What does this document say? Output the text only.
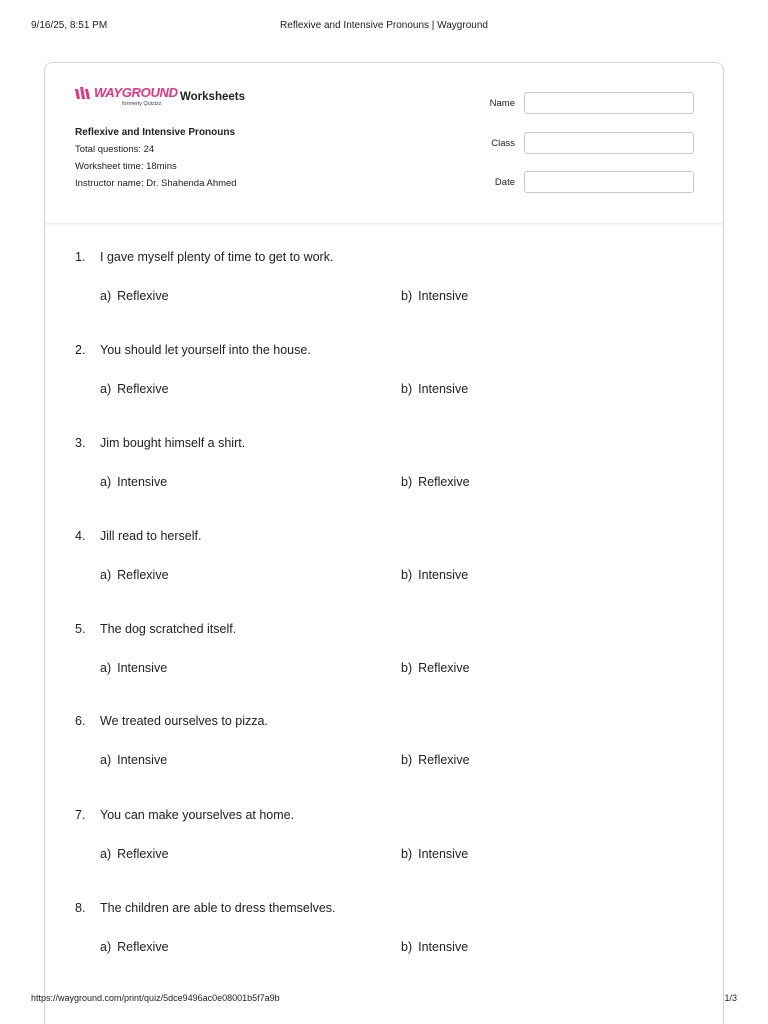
9/16/25, 8:51 PM	Reflexive and Intensive Pronouns | Wayground
WAYGROUND
formerly Quizizz
Worksheets
Reflexive and Intensive Pronouns
Total questions: 24
Worksheet time: 18mins
Instructor name: Dr. Shahenda Ahmed
Name
Class
Date
1. I gave myself plenty of time to get to work.
a) Reflexive	b) Intensive
2. You should let yourself into the house.
a) Reflexive	b) Intensive
3. Jim bought himself a shirt.
a) Intensive	b) Reflexive
4. Jill read to herself.
a) Reflexive	b) Intensive
5. The dog scratched itself.
a) Intensive	b) Reflexive
6. We treated ourselves to pizza.
a) Intensive	b) Reflexive
7. You can make yourselves at home.
a) Reflexive	b) Intensive
8. The children are able to dress themselves.
a) Reflexive	b) Intensive
https://wayground.com/print/quiz/5dce9496ac0e08001b5f7a9b	1/3
